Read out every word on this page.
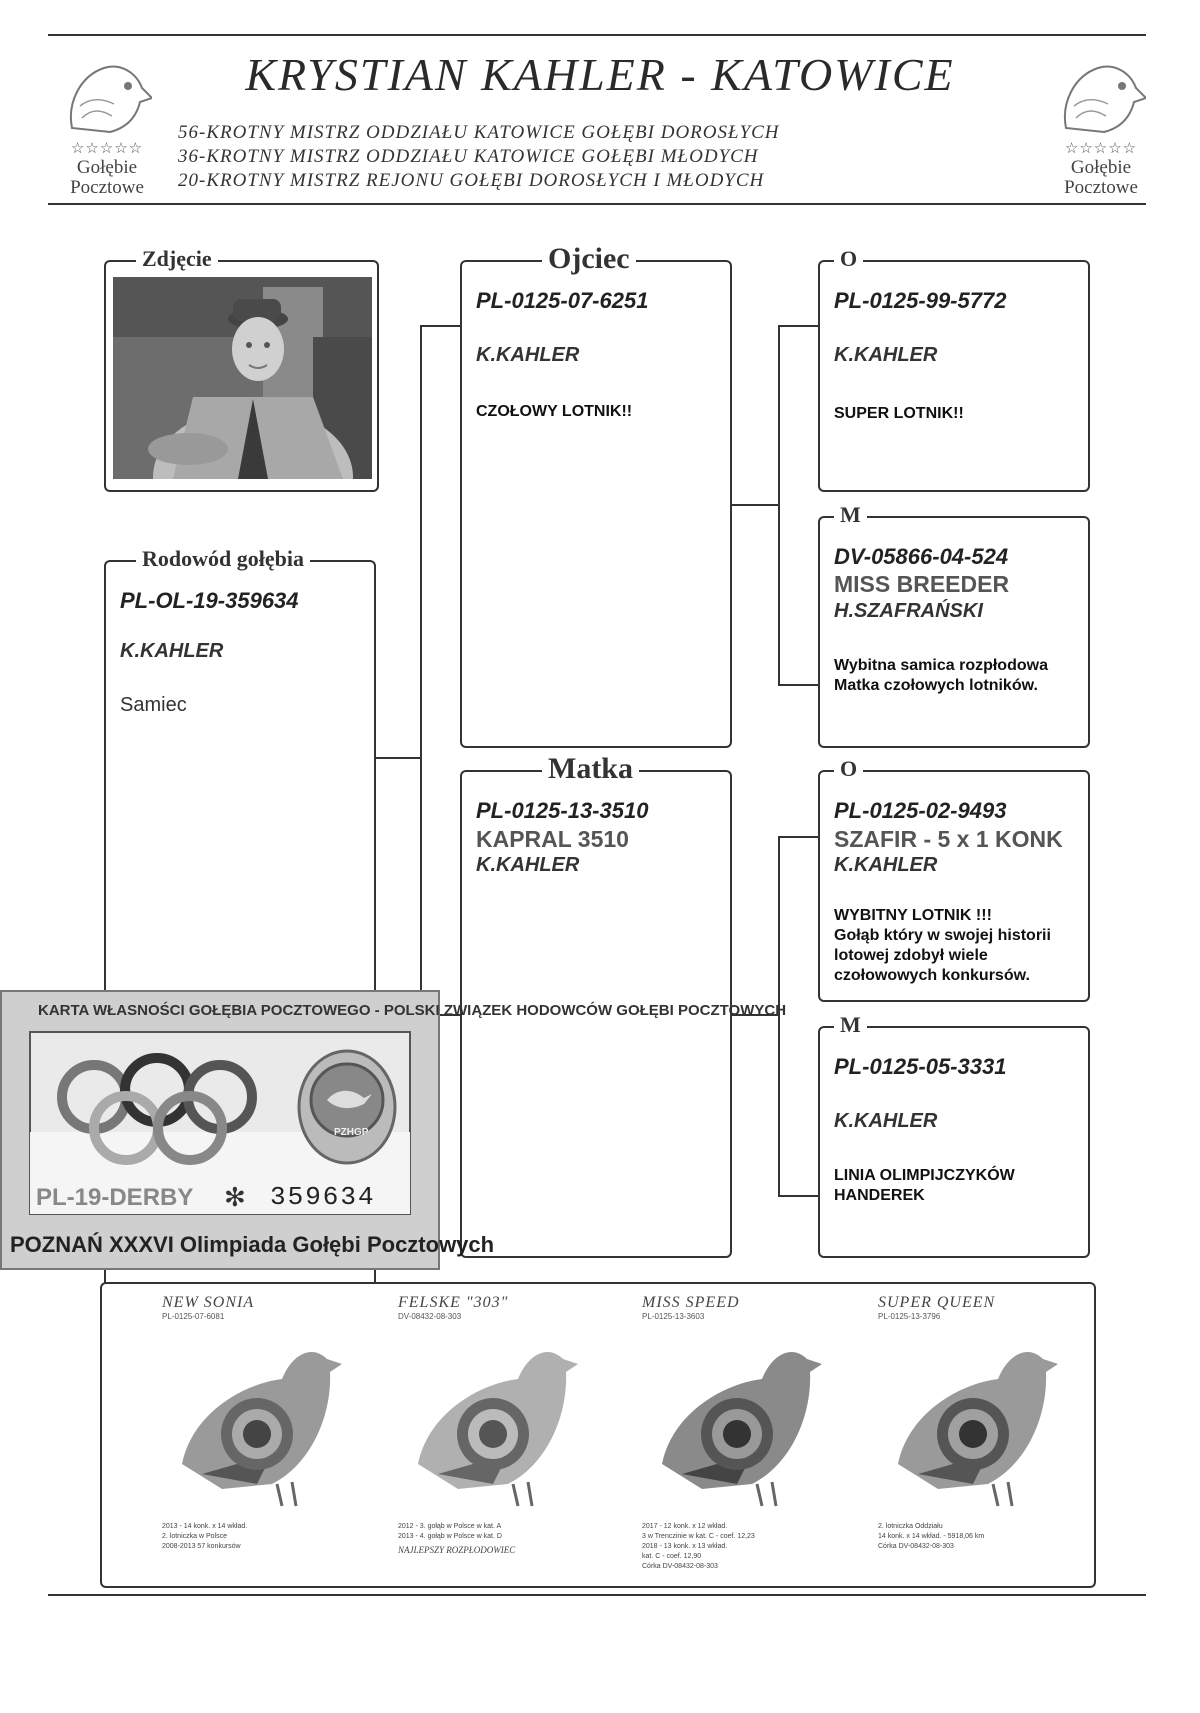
☆☆☆☆☆
Gołębie
Pocztowe
☆☆☆☆☆
Gołębie
Pocztowe
KRYSTIAN KAHLER - KATOWICE
56-KROTNY MISTRZ ODDZIAŁU KATOWICE GOŁĘBI DOROSŁYCH
36-KROTNY MISTRZ ODDZIAŁU KATOWICE GOŁĘBI MŁODYCH
20-KROTNY MISTRZ REJONU GOŁĘBI DOROSŁYCH I MŁODYCH
Zdjęcie
Rodowód gołębia
PL-OL-19-359634
K.KAHLER
Samiec
Ojciec
PL-0125-07-6251
K.KAHLER
CZOŁOWY LOTNIK!!
Matka
PL-0125-13-3510
KAPRAL 3510
K.KAHLER
O
PL-0125-99-5772
K.KAHLER
SUPER LOTNIK!!
M
DV-05866-04-524
MISS BREEDER
H.SZAFRAŃSKI
Wybitna samica rozpłodowa
Matka czołowych lotników.
O
PL-0125-02-9493
SZAFIR - 5 x 1 KONK
K.KAHLER
WYBITNY LOTNIK !!!
Gołąb który w swojej historii
lotowej zdobył wiele
czołowowych konkursów.
M
PL-0125-05-3331
K.KAHLER
LINIA OLIMPIJCZYKÓW
HANDEREK
KARTA WŁASNOŚCI GOŁĘBIA POCZTOWEGO - POLSKI ZWIĄZEK HODOWCÓW GOŁĘBI POCZTOWYCH
PZHGP
PL-19-DERBY ✻ 359634
POZNAŃ XXXVI Olimpiada Gołębi Pocztowych
NEW SONIA
PL-0125-07-6081
FELSKE "303"
DV-08432-08-303
MISS SPEED
PL-0125-13-3603
SUPER QUEEN
PL-0125-13-3796
2013 - 14 konk. x 14 wkład.
2. lotniczka w Polsce
2008-2013 57 konkursów
2012 - 3. gołąb w Polsce w kat. A
2013 - 4. gołąb w Polsce w kat. D
NAJLEPSZY ROZPŁODOWIEC
2017 - 12 konk. x 12 wkład.
3 w Trenczinie w kat. C - coef. 12,23
2018 - 13 konk. x 13 wkład.
kat. C - coef. 12,90
Córka DV-08432-08-303
2. lotniczka Oddziału
14 konk. x 14 wkład. - 5918,06 km
Córka DV-08432-08-303
